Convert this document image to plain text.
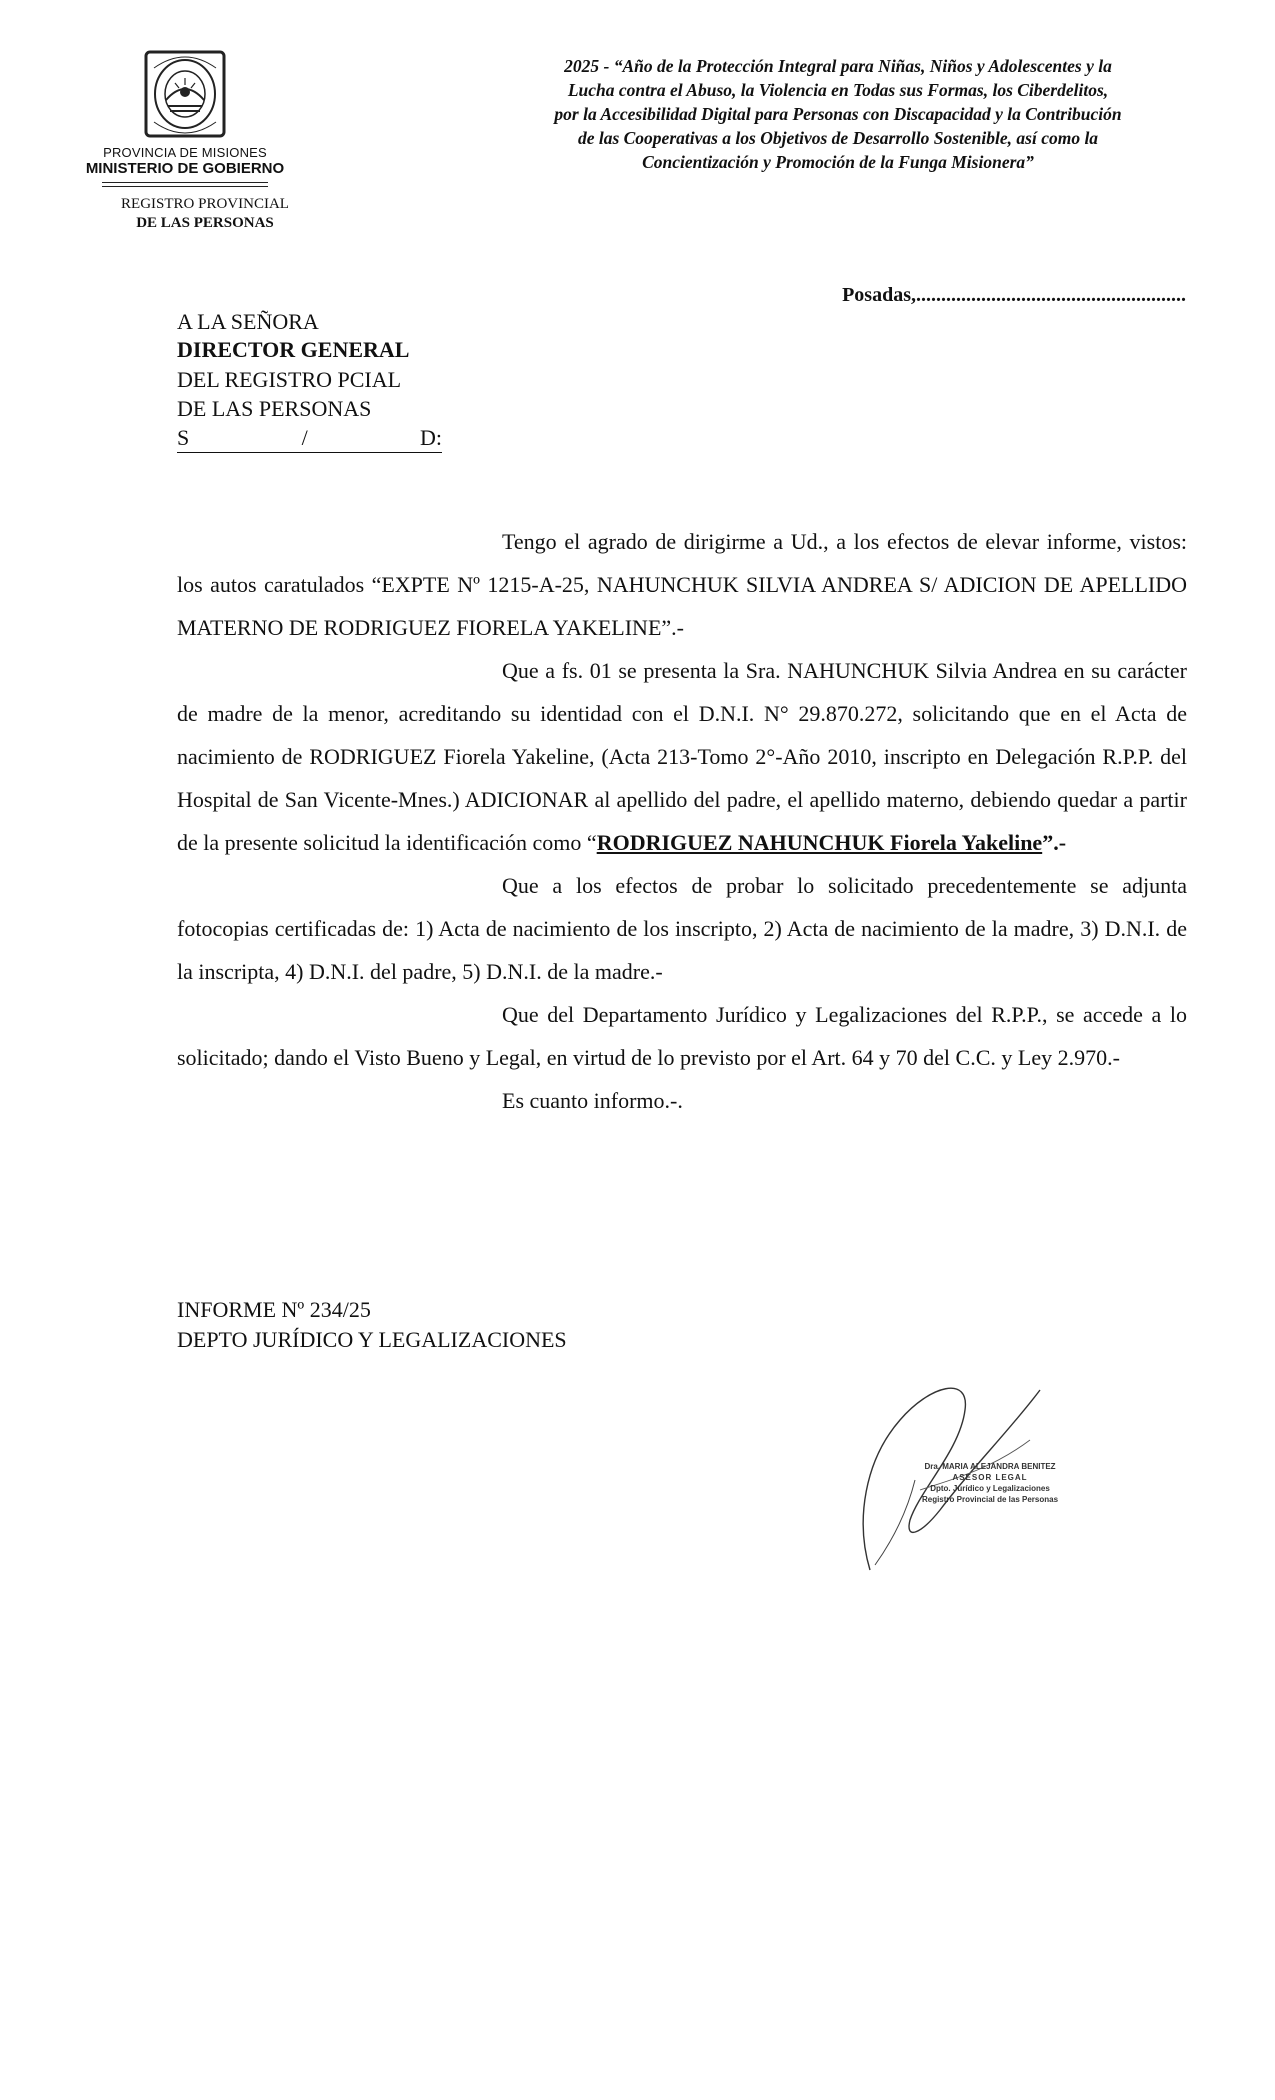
PROVINCIA DE MISIONES
MINISTERIO DE GOBIERNO
REGISTRO PROVINCIAL
DE LAS PERSONAS
2025 - “Año de la Protección Integral para Niñas, Niños y Adolescentes y la
Lucha contra el Abuso, la Violencia en Todas sus Formas, los Ciberdelitos,
por la Accesibilidad Digital para Personas con Discapacidad y la Contribución
de las Cooperativas a los Objetivos de Desarrollo Sostenible, así como la
Concientización y Promoción de la Funga Misionera”
Posadas,......................................................
A LA SEÑORA
DIRECTOR GENERAL
DEL REGISTRO PCIAL
DE LAS PERSONAS
S	/	D:

Tengo el agrado de dirigirme a Ud., a los efectos de elevar informe, vistos: los autos caratulados “EXPTE Nº 1215-A-25, NAHUNCHUK SILVIA ANDREA S/ ADICION DE APELLIDO MATERNO DE RODRIGUEZ FIORELA YAKELINE”.-

Que a fs. 01 se presenta la Sra. NAHUNCHUK Silvia Andrea en su carácter de madre de la menor, acreditando su identidad con el D.N.I. N° 29.870.272, solicitando que en el Acta de nacimiento de RODRIGUEZ Fiorela Yakeline, (Acta 213-Tomo 2°-Año 2010, inscripto en Delegación R.P.P. del Hospital de San Vicente-Mnes.) ADICIONAR al apellido del padre, el apellido materno, debiendo quedar a partir de la presente solicitud la identificación como “RODRIGUEZ NAHUNCHUK Fiorela Yakeline”.-

Que a los efectos de probar lo solicitado precedentemente se adjunta fotocopias certificadas de: 1) Acta de nacimiento de los inscripto, 2) Acta de nacimiento de la madre, 3) D.N.I. de la inscripta, 4) D.N.I. del padre, 5) D.N.I. de la madre.-

Que del Departamento Jurídico y Legalizaciones del R.P.P., se accede a lo solicitado; dando el Visto Bueno y Legal, en virtud de lo previsto por el Art. 64 y 70 del C.C. y Ley 2.970.-

Es cuanto informo.-.

INFORME Nº 234/25
DEPTO JURÍDICO Y LEGALIZACIONES
Dra. MARIA ALEJANDRA BENITEZ
ASESOR LEGAL
Dpto. Jurídico y Legalizaciones
Registro Provincial de las Personas
